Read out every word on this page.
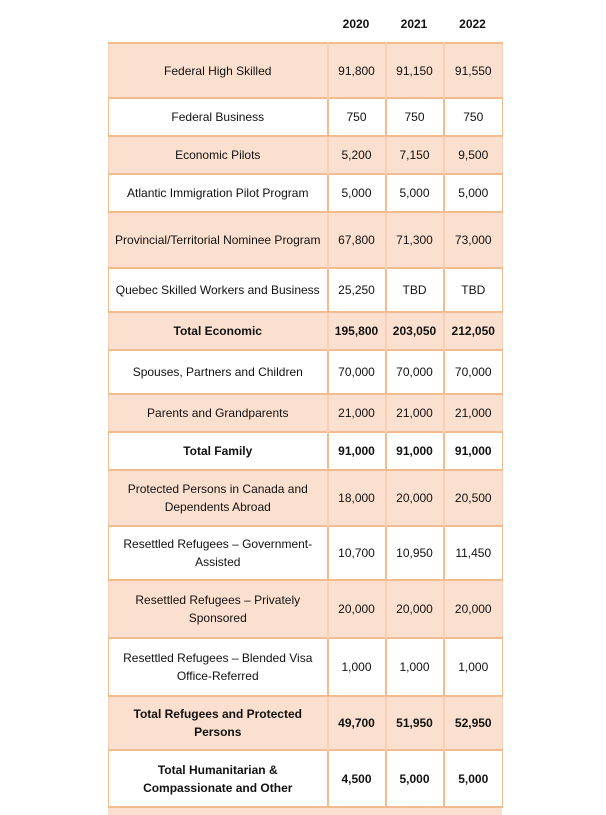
2020	2021	2022
Federal High Skilled	91,800	91,150	91,550
Federal Business	750	750	750
Economic Pilots	5,200	7,150	9,500
Atlantic Immigration Pilot Program	5,000	5,000	5,000
Provincial/Territorial Nominee Program	67,800	71,300	73,000
Quebec Skilled Workers and Business	25,250	TBD	TBD
Total Economic	195,800	203,050	212,050
Spouses, Partners and Children	70,000	70,000	70,000
Parents and Grandparents	21,000	21,000	21,000
Total Family	91,000	91,000	91,000
Protected Persons in Canada and Dependents Abroad	18,000	20,000	20,500
Resettled Refugees – Government-Assisted	10,700	10,950	11,450
Resettled Refugees – Privately Sponsored	20,000	20,000	20,000
Resettled Refugees – Blended Visa Office-Referred	1,000	1,000	1,000
Total Refugees and Protected Persons	49,700	51,950	52,950
Total Humanitarian & Compassionate and Other	4,500	5,000	5,000
